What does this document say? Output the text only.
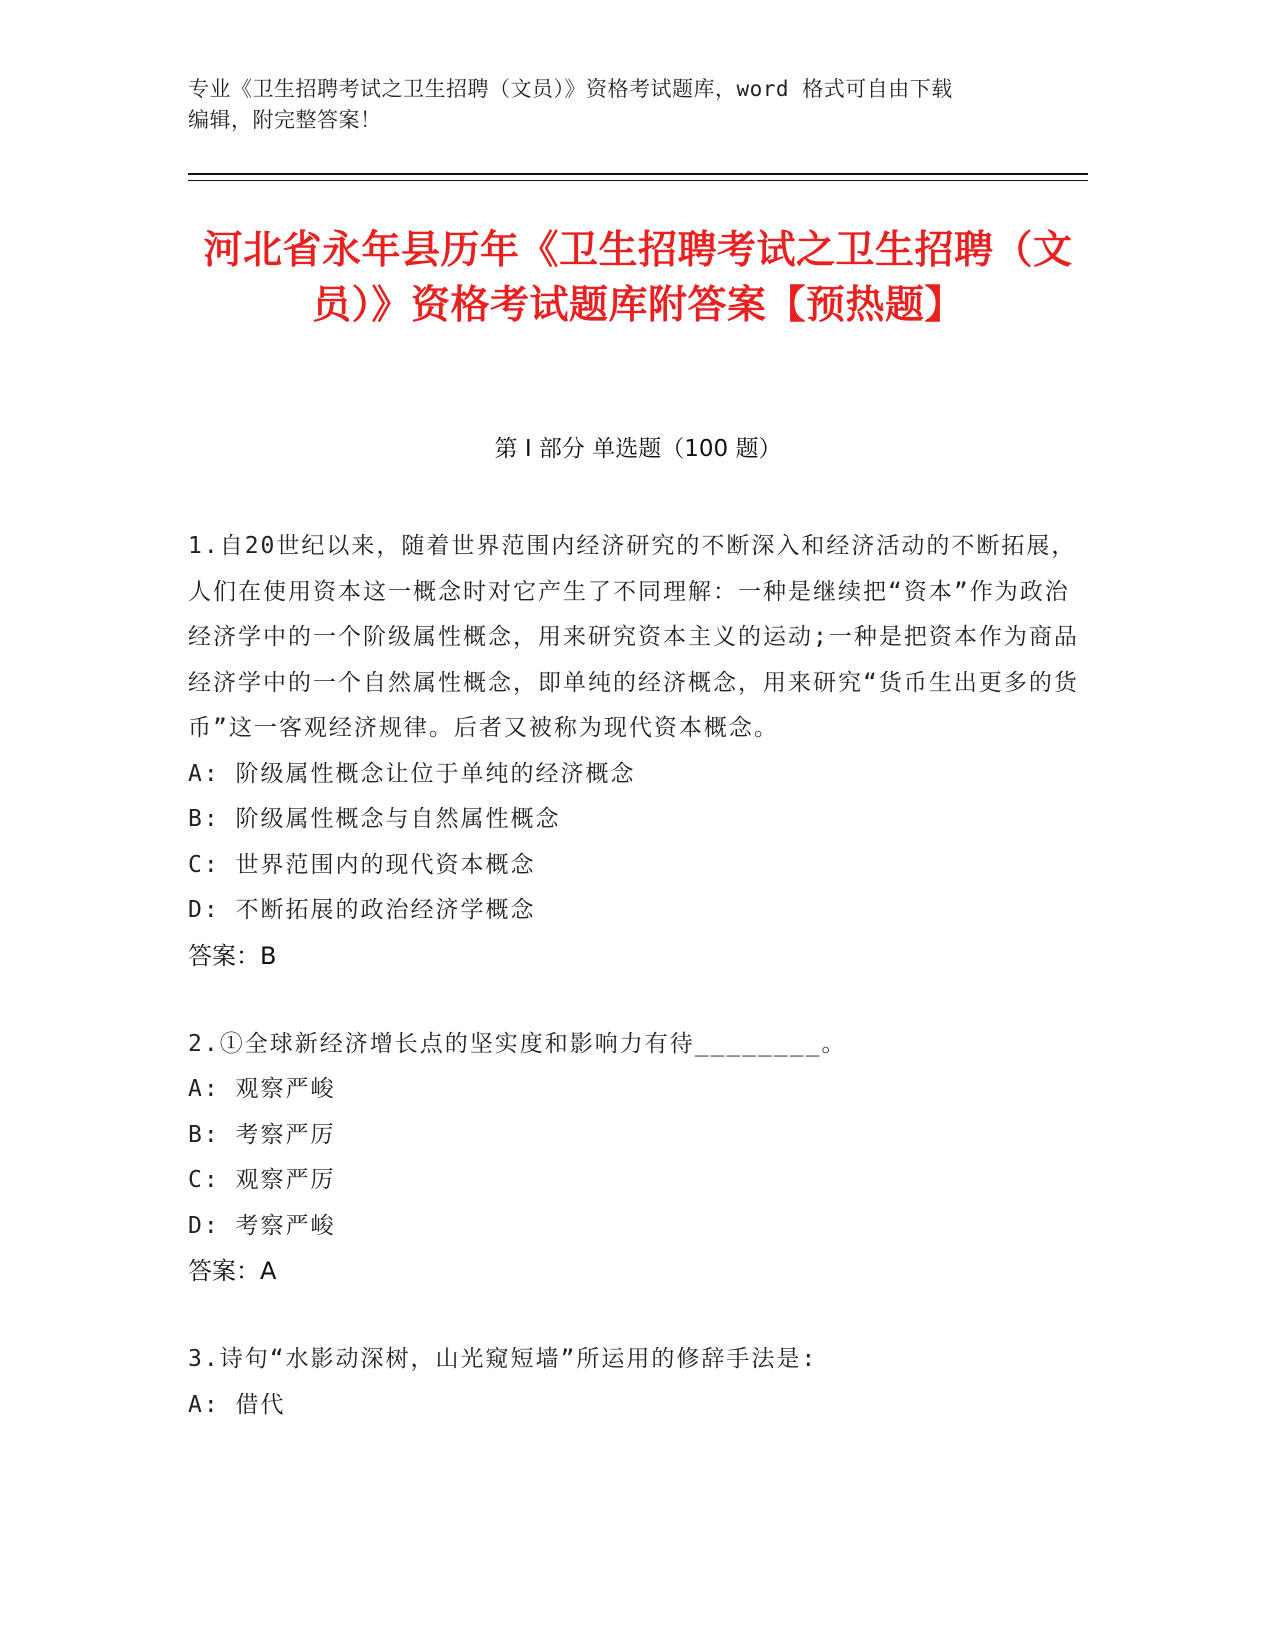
专业《卫生招聘考试之卫生招聘（文员）》资格考试题库，word 格式可自由下载
编辑，附完整答案！
河北省永年县历年《卫生招聘考试之卫生招聘（文员）》资格考试题库附答案【预热题】
第 I 部分 单选题（100 题）
1.自20世纪以来，随着世界范围内经济研究的不断深入和经济活动的不断拓展，人们在使用资本这一概念时对它产生了不同理解：一种是继续把“资本”作为政治经济学中的一个阶级属性概念，用来研究资本主义的运动;一种是把资本作为商品经济学中的一个自然属性概念，即单纯的经济概念，用来研究“货币生出更多的货币”这一客观经济规律。后者又被称为现代资本概念。
A: 阶级属性概念让位于单纯的经济概念
B: 阶级属性概念与自然属性概念
C: 世界范围内的现代资本概念
D: 不断拓展的政治经济学概念
答案：B
2.①全球新经济增长点的坚实度和影响力有待________。
A: 观察严峻
B: 考察严厉
C: 观察严厉
D: 考察严峻
答案：A
3.诗句“水影动深树，山光窥短墙”所运用的修辞手法是:
A: 借代
